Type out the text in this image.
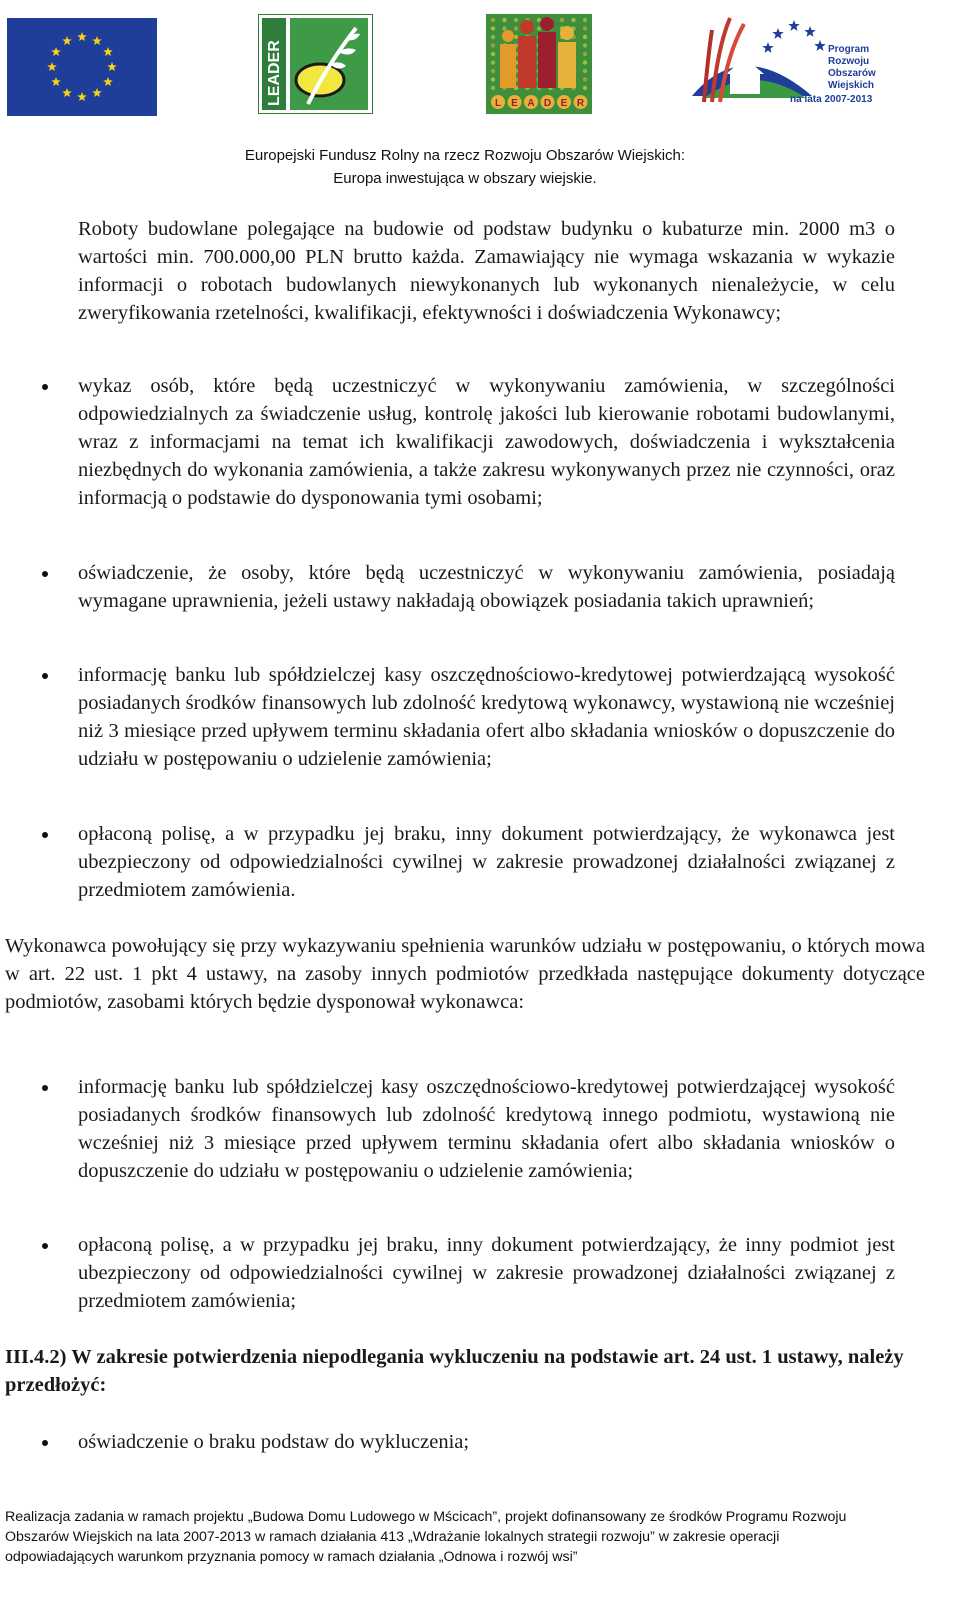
LEADER	L E A D E R
Program
Rozwoju
Obszarów
Wiejskich
na lata 2007-2013
Europejski Fundusz Rolny na rzecz Rozwoju Obszarów Wiejskich:
Europa inwestująca w obszary wiejskie.

Roboty budowlane polegające na budowie od podstaw budynku o kubaturze min. 2000 m3 o wartości min. 700.000,00 PLN brutto każda. Zamawiający nie wymaga wskazania w wykazie informacji o robotach budowlanych niewykonanych lub wykonanych nienależycie, w celu zweryfikowania rzetelności, kwalifikacji, efektywności i doświadczenia Wykonawcy;

wykaz osób, które będą uczestniczyć w wykonywaniu zamówienia, w szczególności odpowiedzialnych za świadczenie usług, kontrolę jakości lub kierowanie robotami budowlanymi, wraz z informacjami na temat ich kwalifikacji zawodowych, doświadczenia i wykształcenia niezbędnych do wykonania zamówienia, a także zakresu wykonywanych przez nie czynności, oraz informacją o podstawie do dysponowania tymi osobami;

oświadczenie, że osoby, które będą uczestniczyć w wykonywaniu zamówienia, posiadają wymagane uprawnienia, jeżeli ustawy nakładają obowiązek posiadania takich uprawnień;

informację banku lub spółdzielczej kasy oszczędnościowo-kredytowej potwierdzającą wysokość posiadanych środków finansowych lub zdolność kredytową wykonawcy, wystawioną nie wcześniej niż 3 miesiące przed upływem terminu składania ofert albo składania wniosków o dopuszczenie do udziału w postępowaniu o udzielenie zamówienia;

opłaconą polisę, a w przypadku jej braku, inny dokument potwierdzający, że wykonawca jest ubezpieczony od odpowiedzialności cywilnej w zakresie prowadzonej działalności związanej z przedmiotem zamówienia.

Wykonawca powołujący się przy wykazywaniu spełnienia warunków udziału w postępowaniu, o których mowa w art. 22 ust. 1 pkt 4 ustawy, na zasoby innych podmiotów przedkłada następujące dokumenty dotyczące podmiotów, zasobami których będzie dysponował wykonawca:

informację banku lub spółdzielczej kasy oszczędnościowo-kredytowej potwierdzającej wysokość posiadanych środków finansowych lub zdolność kredytową innego podmiotu, wystawioną nie wcześniej niż 3 miesiące przed upływem terminu składania ofert albo składania wniosków o dopuszczenie do udziału w postępowaniu o udzielenie zamówienia;

opłaconą polisę, a w przypadku jej braku, inny dokument potwierdzający, że inny podmiot jest ubezpieczony od odpowiedzialności cywilnej w zakresie prowadzonej działalności związanej z przedmiotem zamówienia;

III.4.2) W zakresie potwierdzenia niepodlegania wykluczeniu na podstawie art. 24 ust. 1 ustawy, należy przedłożyć:

oświadczenie o braku podstaw do wykluczenia;

Realizacja zadania w ramach projektu „Budowa Domu Ludowego w Mścicach”, projekt dofinansowany ze środków Programu Rozwoju
Obszarów Wiejskich na lata 2007-2013 w ramach działania 413 „Wdrażanie lokalnych strategii rozwoju” w zakresie operacji
odpowiadających warunkom przyznania pomocy w ramach działania „Odnowa i rozwój wsi”
